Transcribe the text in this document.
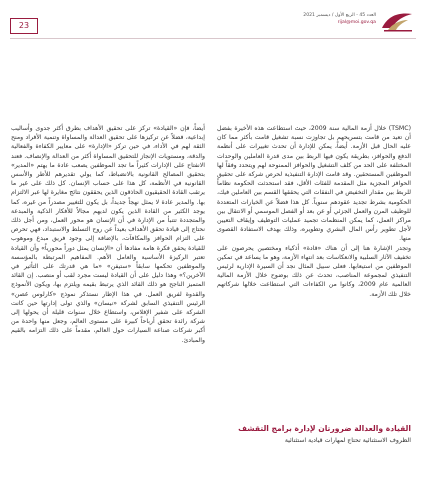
23
العدد 45 - الربع الأول / ديسمبر 2021
rijal@moi.gov.qa

(TSMC) خلال أزمة المالية سنة 2009، حيث استطاعت هذه الأخيرة بفضل أن تعيد من قامت بتسريحهم بل تجاوزت نسبة تشغيل قامت بأكثر مما كان عليه الحال قبل الأزمة. أيضاً، يمكن للإدارة أن تحدث تغييرات على أنظمة الدفع والحوافز، بطريقة يكون فيها الربط بين مدى قدرة العاملين والوحدات المختلفة على الحد من كلف التشغيل والحوافز الممنوحة لهم ويتحدد وفقاً لها الموظفين المستحقين. وقد قامت الإدارة التنفيذية لحرص شركة على تحقيق الحوافز المجزية مثل المقدمة للفئات الأقل، فقد استحدثت الحكومة نظاماً للربط بين مقدار التخفيض في النفقات التي يحققها القسم بين العاملين فيك، الحكومية بشرط تجديد عقودهم سنوياً. كل هذا فضلاً عن الخيارات المتعددة للوظيف المرن والعمل الجزئي أو عن بعد أو الفصل الموسمي أو الانتقال بين مراكز العمل، كما يمكن المنظمات تجميد عمليات التوظيف وإيقاف التعيين لأجل تطوير رأس المال البشري وتطويره، وذلك بهدف الاستفادة القصوى منها.

وتجدر الإشارة هنا إلى أن هناك «قادة» أذكياء ومختصين يحرصون على تخفيف الآثار السلبية والانعكاسات بعد انتهاء الأزمة، وهو ما يساعد في تمكين الموظفين من استيعابها. فعلى سبيل المثال نجد أن السيرة الإدارية لرئيس التنفيذي لمجموعة المناصب، تحدث عن ذلك بوضوح خلال الأزمة المالية العالمية عام 2009، وكانوا من الكفاءات التي استطاعت خلالها شركاتهم خلال تلك الأزمة.

أيضاً، فإن «القيادة» تركز على تحقيق الأهداف بطرق أكثر جدوى وأساليب إبداعية، فضلاً عن تركيزها على تحقيق العدالة والمساواة وتنمية الأفراد ومنح الثقة لهم في الأداء، في حين تركز «الإدارة» على معايير الكفاءة والفعالية والدقة، ومستويات الإنجاز للتحقيق المساواة أكثر من العدالة والإنصاف. فعند الانفتاح على الإدارات كثيراً ما تجد الموظفين يصعب عادة ما يهتم «المدير» بتحقيق المصالح القانونية بالانضباط، كما يولي تقديرهم للأطر والأسس القانونية في الأنظمة، كل هذا على حساب الإنسان. كل ذلك على غير ما يرتقب القادة الحقيقيون الحاذقون الذين يحققون نتائج مغايرة لها عبر الالتزام بها. والمدير عادة لا يمثل نهجاً جديداً، بل يكون للتغيير مصدراً من غيره، كما يوجد الكثير من القادة الذين يكون لديهم مجالاً للأفكار الذكية والمبدعة والمتجددة تتنبأ من الإدارة في أن الإنسان هو محور العمل، ومن أجل ذلك نحتاج إلى قيادة تحقق الأهداف بعيداً عن روح التسلط والاستبداد، فهي تحرص على التزام الحوافز والمكافآت، بالإضافة إلى وجود فريق مبدع وموهوب للقيادة يحقق فكرة هامة مفادها أن «الإنسان يمثل دوراً محورياً» وأن القيادة تعتبر الركيزة الأساسية والعامل الأهم. المفاهيم المرتبطة بالمؤسسة والموظفين تحكمها سابقاً «ستيفن» «ما هي قدرتك على التأثير في الآخرين؟» وهذا دليل على أن القيادة ليست مجرد لقب أو منصب. إن القائد المتميز الناجح هو ذلك القائد الذي يرتبط بقيمه ويلتزم بها، ويكون الأنموذج والقدوة لفريق العمل. في هذا الإطار نستذكر نموذج «كارلوس غصن» الرئيس التنفيذي السابق لشركة «نيسان» والذي تولى إدارتها حين كانت الشركة على شفير الإفلاس، واستطاع خلال سنوات قليلة أن يحولها إلى شركة رائدة تحقق أرباحاً كبيرة على مستوى العالم، وجعل منها واحدة من أكبر شركات صناعة السيارات حول العالم، مقدماً على ذلك التزامه بالقيم والمبادئ.

القيادة والعدالة ضرورتان لإدارة برامج التقشف
الظروف الاستثنائية تحتاج لمهارات قيادية استثنائية
